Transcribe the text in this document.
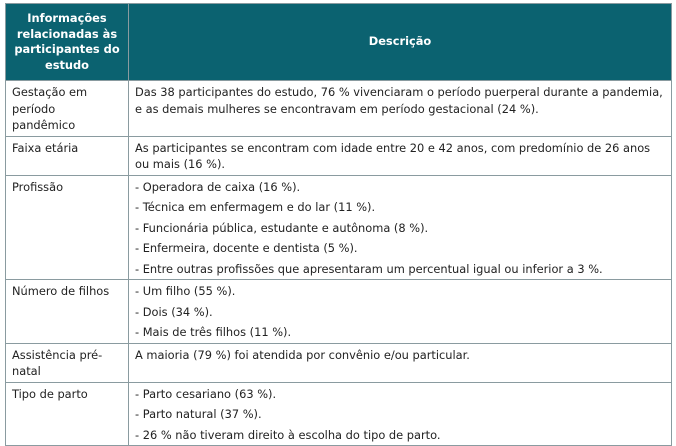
Informações relacionadas às participantes do estudo	Descrição
Gestação em período pandêmico	Das 38 participantes do estudo, 76 % vivenciaram o período puerperal durante a pandemia, e as demais mulheres se encontravam em período gestacional (24 %).

Faixa etária	As participantes se encontram com idade entre 20 e 42 anos, com predomínio de 26 anos ou mais (16 %).

Profissão	- Operadora de caixa (16 %).
- Técnica em enfermagem e do lar (11 %).
- Funcionária pública, estudante e autônoma (8 %).
- Enfermeira, docente e dentista (5 %).
- Entre outras profissões que apresentaram um percentual igual ou inferior a 3 %.

Número de filhos	- Um filho (55 %).
- Dois (34 %).
- Mais de três filhos (11 %).

Assistência pré-natal	A maioria (79 %) foi atendida por convênio e/ou particular.

Tipo de parto	- Parto cesariano (63 %).
- Parto natural (37 %).
- 26 % não tiveram direito à escolha do tipo de parto.
